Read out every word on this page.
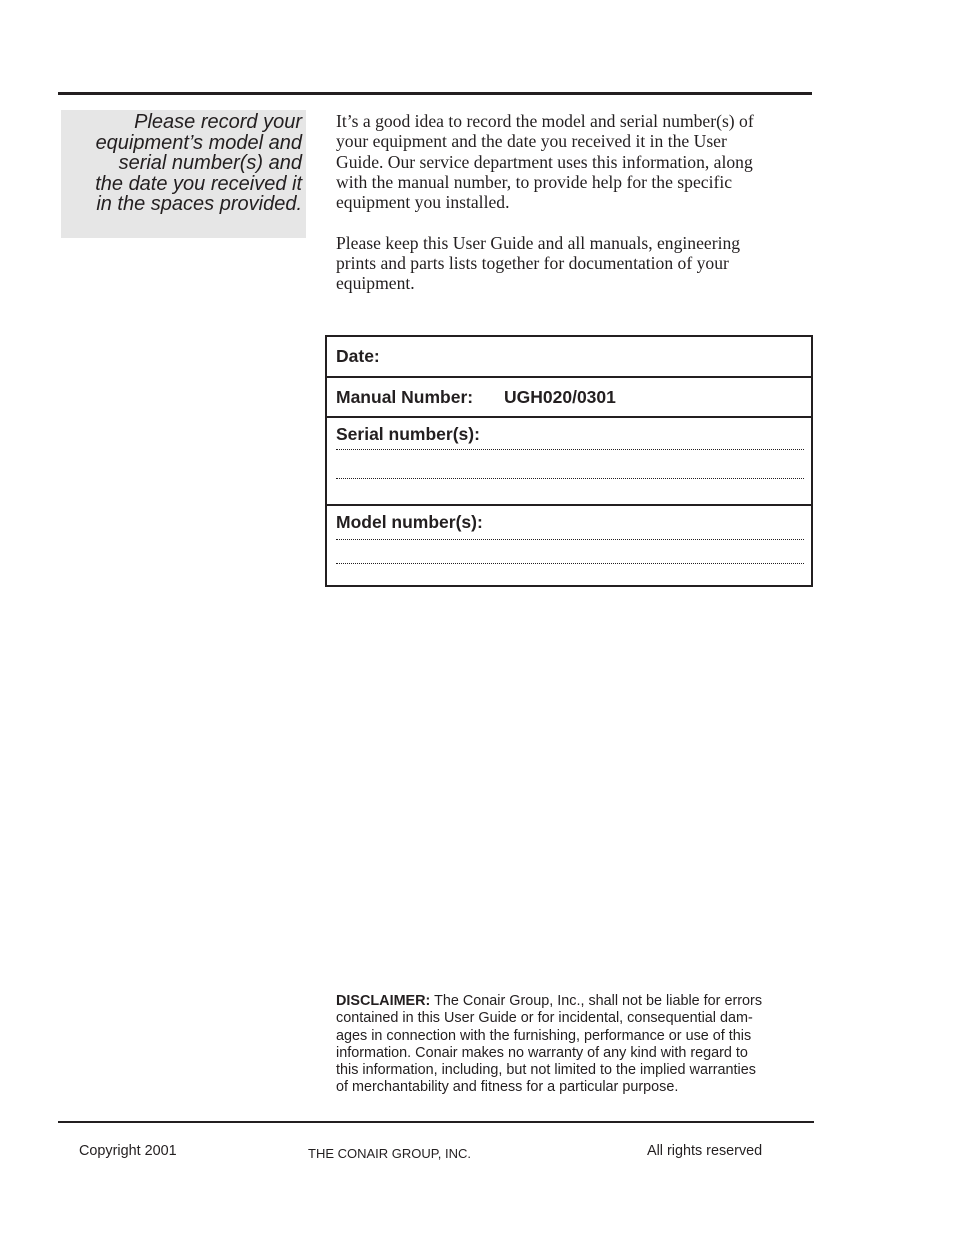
Please record your
equipment’s model and
serial number(s) and
the date you received it
in the spaces provided.

It’s a good idea to record the model and serial number(s) of
your equipment and the date you received it in the User
Guide. Our service department uses this information, along
with the manual number, to provide help for the specific
equipment you installed.

Please keep this User Guide and all manuals, engineering
prints and parts lists together for documentation of your
equipment.

Date:
Manual Number: UGH020/0301
Serial number(s):
Model number(s):
DISCLAIMER: The Conair Group, Inc., shall not be liable for errors
contained in this User Guide or for incidental, consequential dam-
ages in connection with the furnishing, performance or use of this
information. Conair makes no warranty of any kind with regard to
this information, including, but not limited to the implied warranties
of merchantability and fitness for a particular purpose.
Copyright 2001	THE CONAIR GROUP, INC.	All rights reserved
